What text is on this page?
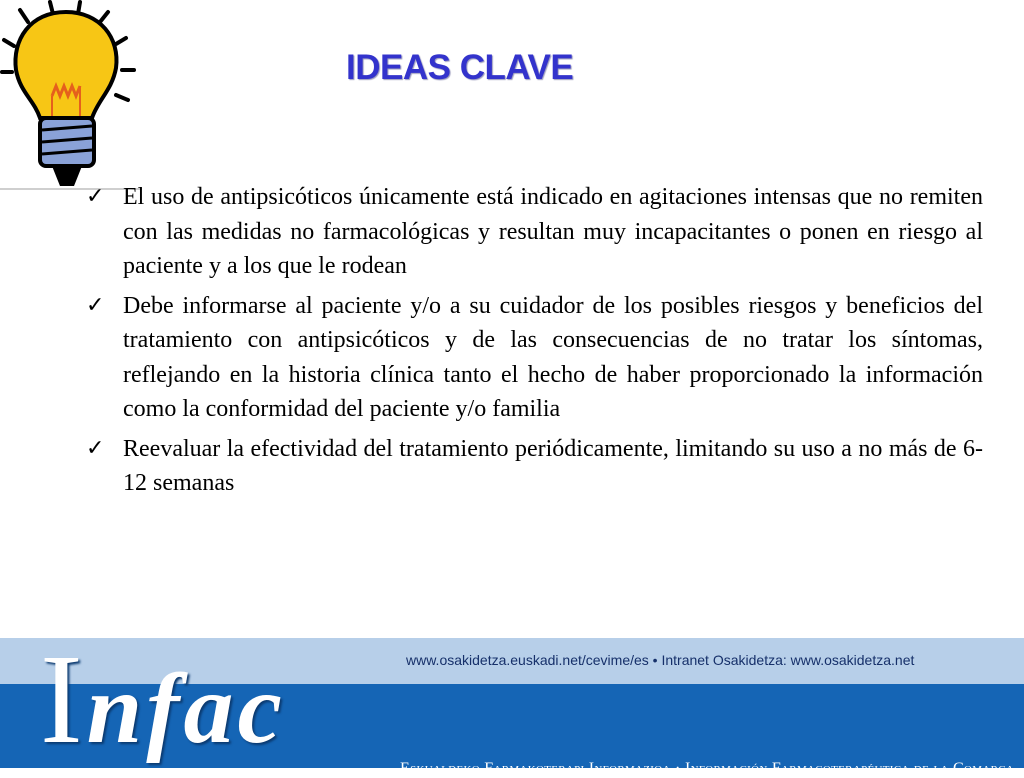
IDEAS CLAVE
✓ El uso de antipsicóticos únicamente está indicado en agitaciones intensas que no remiten con las medidas no farmacológicas y resultan muy incapacitantes o ponen en riesgo al paciente y a los que le rodean
✓ Debe informarse al paciente y/o a su cuidador de los posibles riesgos y beneficios del tratamiento con antipsicóticos y de las consecuencias de no tratar los síntomas, reflejando en la historia clínica tanto el hecho de haber proporcionado la información como la conformidad del paciente y/o familia
✓ Reevaluar la efectividad del tratamiento periódicamente, limitando su uso a no más de 6-12 semanas
www.osakidetza.euskadi.net/cevime/es • Intranet Osakidetza: www.osakidetza.net
Eskualdeko Farmakoterapi Informazioa · Información Farmacoterapéutica de la Comarca
Infac
